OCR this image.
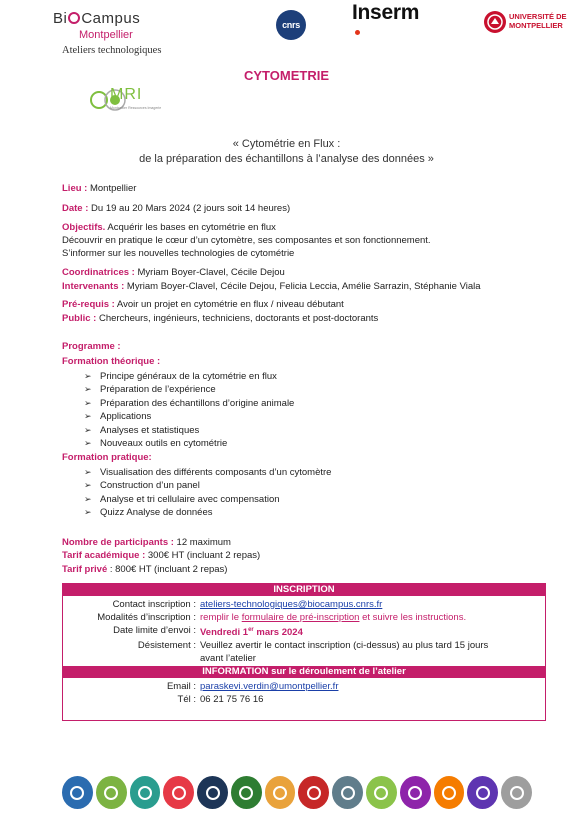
Bi Campus
Montpellier
Ateliers technologiques
cnrs
Inserm	UNIVERSITÉ DE
MONTPELLIER
CYTOMETRIE
MRI
Montpellier Ressources Imagerie
« Cytométrie en Flux :
de la préparation des échantillons à l’analyse des données »
Lieu : Montpellier
Date : Du 19 au 20 Mars 2024 (2 jours soit 14 heures)
Objectifs. Acquérir les bases en cytométrie en flux
Découvrir en pratique le cœur d’un cytomètre, ses composantes et son fonctionnement.
S’informer sur les nouvelles technologies de cytométrie
Coordinatrices : Myriam Boyer-Clavel, Cécile Dejou
Intervenants : Myriam Boyer-Clavel, Cécile Dejou, Felicia Leccia, Amélie Sarrazin, Stéphanie Viala
Pré-requis : Avoir un projet en cytométrie en flux / niveau débutant
Public : Chercheurs, ingénieurs, techniciens, doctorants et post-doctorants
Programme :
Formation théorique :
➢ Principe généraux de la cytométrie en flux
➢ Préparation de l’expérience
➢ Préparation des échantillons d’origine animale
➢ Applications
➢ Analyses et statistiques
➢ Nouveaux outils en cytométrie
Formation pratique:
➢ Visualisation des différents composants d’un cytomètre
➢ Construction d’un panel
➢ Analyse et tri cellulaire avec compensation
➢ Quizz Analyse de données
Nombre de participants : 12 maximum
Tarif académique : 300€ HT (incluant 2 repas)
Tarif privé : 800€ HT (incluant 2 repas)
INSCRIPTION
Contact inscription : ateliers-technologiques@biocampus.cnrs.fr
Modalités d’inscription : remplir le formulaire de pré-inscription et suivre les instructions.
Date limite d’envoi : Vendredi 1er mars 2024
Désistement : Veuillez avertir le contact inscription (ci-dessus) au plus tard 15 jours
avant l’atelier
INFORMATION sur le déroulement de l’atelier
Email : paraskevi.verdin@umontpellier.fr
Tél : 06 21 75 76 16
